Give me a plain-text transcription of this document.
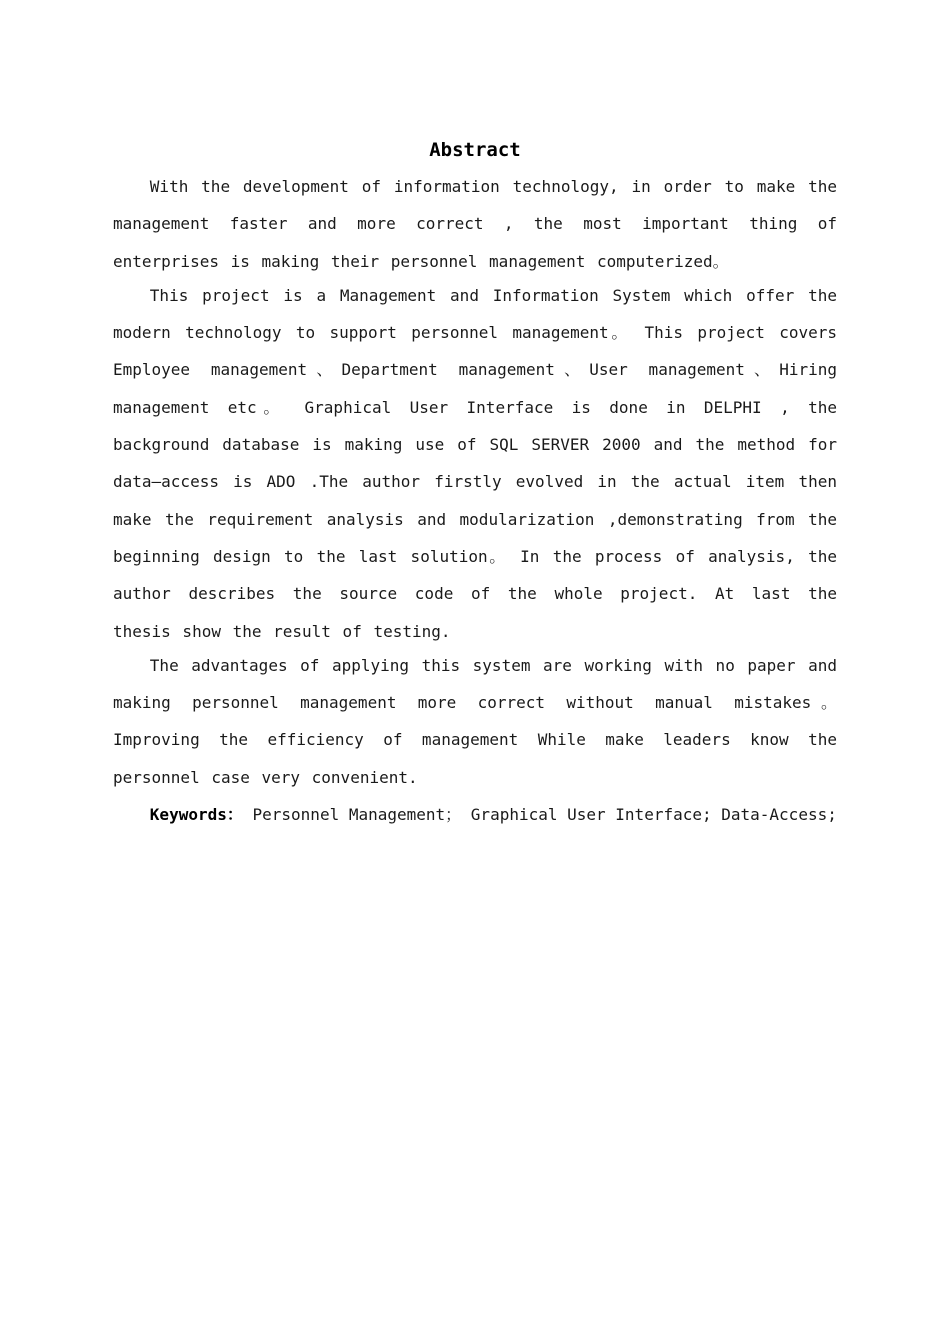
Abstract

With the development of information technology, in order to make the management faster and more correct , the most important thing of enterprises is making their personnel management computerized。

This project is a Management and Information System which offer the modern technology to support personnel management。 This project covers Employee management、Department management、User management、Hiring management etc。 Graphical User Interface is done in DELPHI , the background database is making use of SQL SERVER 2000 and the method for data—access is ADO .The author firstly evolved in the actual item then make the requirement analysis and modularization ,demonstrating from the beginning design to the last solution。 In the process of analysis, the author describes the source code of the whole project. At last the thesis show the result of testing.

The advantages of applying this system are working with no paper and making personnel management more correct without manual mistakes。 Improving the efficiency of management While make leaders know the personnel case very convenient.

Keywords： Personnel Management； Graphical User Interface; Data-Access;
